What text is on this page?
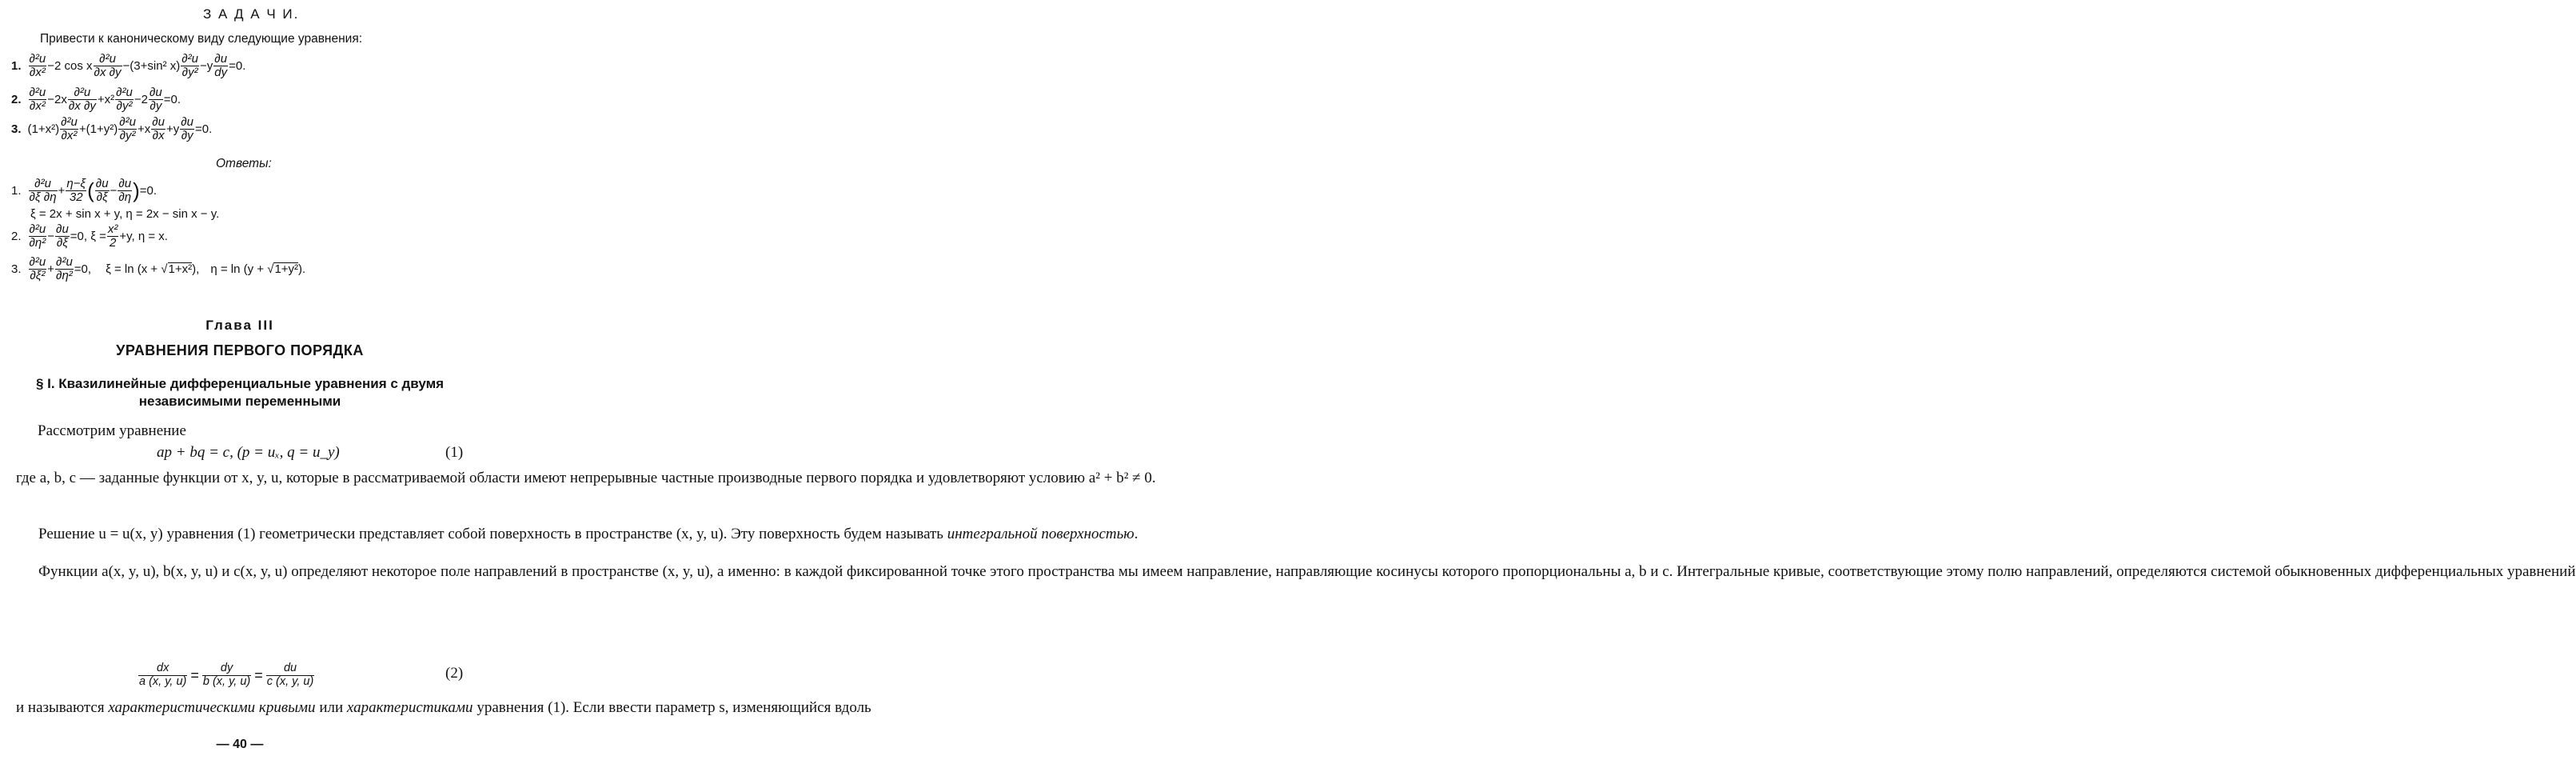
З А Д А Ч И.
Привести к каноническому виду следующие уравнения:
1. $\frac{\text{∂²u}}{\text{∂x²}} -2$ cos x $\frac{\text{∂²u}}{\partial x \partial y} -(3+\sin^2$ $x) \frac{\text{∂²u}}{\text{∂y²}} -y \frac{\partial u}{dy} =0$.
2. $\frac{\text{∂²u}}{\text{∂x²}} -2x \frac{\text{∂²u}}{\partial x \partial y} +x^2 \frac{\text{∂²u}}{\text{∂y²}} -2 \frac{\partial u}{\partial y} =0$.
3. $(1+x^2) \frac{\text{∂²u}}{\text{∂x²}} +(1+y^2) \frac{\text{∂²u}}{\text{∂y²}} +x \frac{\partial u}{\partial x} +y \frac{\partial u}{\partial y} =0$.
Ответы:
1. $\frac{\text{∂²u}}{\partial\xi \partial\eta} + \frac{\eta-\xi}{32}$ ( $\frac{\partial u}{\partial\xi} - \frac{\partial u}{\partial\eta}$ ) =0.
ξ = 2x + sin x + y, η = 2x − sin x − y.
2. $\frac{\text{∂²u}}{\text{∂η²}} - \frac{\partial u}{\partial\xi} =0$, $\xi = \frac{\text{x²}}{2} +y$, η = x.
3. $\frac{\text{∂²u}}{\text{∂ξ²}} + \frac{\text{∂²u}}{\text{∂η²}} =0$, ξ = ln (x + √ 1+x² ), η = ln (y + √ 1+y² ).
Глава III
УРАВНЕНИЯ ПЕРВОГО ПОРЯДКА
§ I. Квазилинейные дифференциальные уравнения с двумя
независимыми переменными
Рассмотрим уравнение
ap + bq = c, (p = uₓ, q = u_y)	(1)

где a, b, c — заданные функции от x, y, u, которые в рассматриваемой области имеют непрерывные частные производные первого порядка и удовлетворяют условию a² + b² ≠ 0.

Решение u = u(x, y) уравнения (1) геометрически представляет собой поверхность в пространстве (x, y, u). Эту поверхность будем называть интегральной поверхностью.

Функции a(x, y, u), b(x, y, u) и c(x, y, u) определяют некоторое поле направлений в пространстве (x, y, u), а именно: в каждой фиксированной точке этого пространства мы имеем направление, направляющие косинусы которого пропорциональны a, b и c. Интегральные кривые, соответствующие этому полю направлений, определяются системой обыкновенных дифференциальных уравнений

$\frac{dx}{a (x, y, u)} = \frac{dy}{b (x, y, u)} = \frac{du}{c (x, y, u)}$	(2)

и называются характеристическими кривыми или характеристиками уравнения (1). Если ввести параметр s, изменяющийся вдоль

— 40 —
